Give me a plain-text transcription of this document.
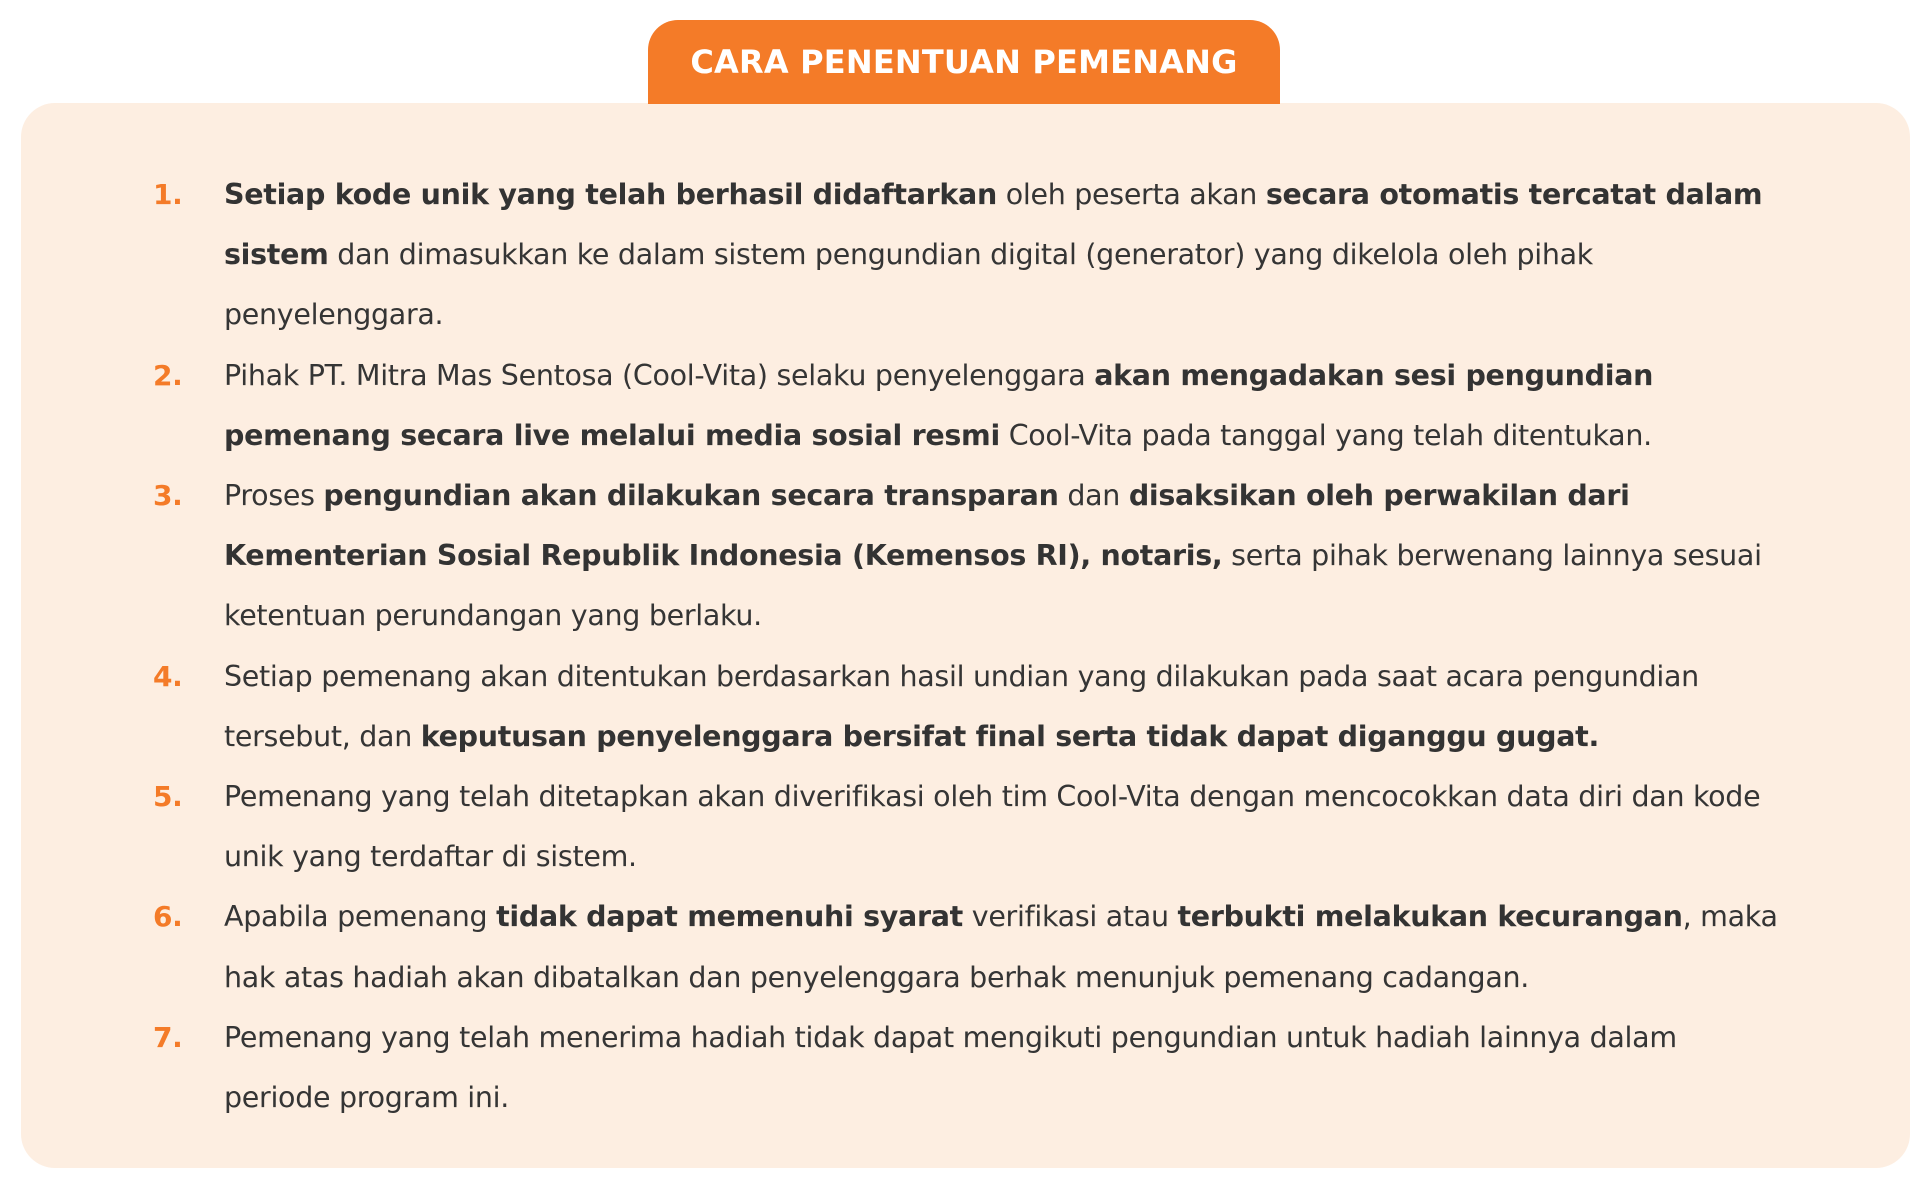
CARA PENENTUAN PEMENANG
1. Setiap kode unik yang telah berhasil didaftarkan oleh peserta akan secara otomatis tercatat dalam sistem dan dimasukkan ke dalam sistem pengundian digital (generator) yang dikelola oleh pihak penyelenggara.
2. Pihak PT. Mitra Mas Sentosa (Cool-Vita) selaku penyelenggara akan mengadakan sesi pengundian pemenang secara live melalui media sosial resmi Cool-Vita pada tanggal yang telah ditentukan.
3. Proses pengundian akan dilakukan secara transparan dan disaksikan oleh perwakilan dari Kementerian Sosial Republik Indonesia (Kemensos RI), notaris, serta pihak berwenang lainnya sesuai ketentuan perundangan yang berlaku.
4. Setiap pemenang akan ditentukan berdasarkan hasil undian yang dilakukan pada saat acara pengundian tersebut, dan keputusan penyelenggara bersifat final serta tidak dapat diganggu gugat.
5. Pemenang yang telah ditetapkan akan diverifikasi oleh tim Cool-Vita dengan mencocokkan data diri dan kode unik yang terdaftar di sistem.
6. Apabila pemenang tidak dapat memenuhi syarat verifikasi atau terbukti melakukan kecurangan, maka hak atas hadiah akan dibatalkan dan penyelenggara berhak menunjuk pemenang cadangan.
7. Pemenang yang telah menerima hadiah tidak dapat mengikuti pengundian untuk hadiah lainnya dalam periode program ini.
